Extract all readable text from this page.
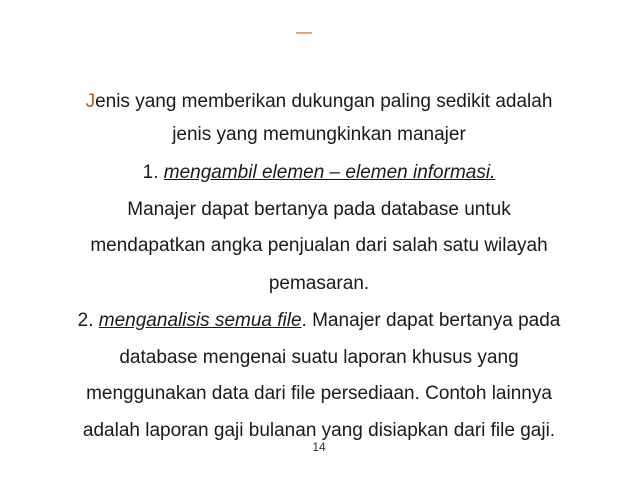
—
Jenis yang memberikan dukungan paling sedikit adalah
jenis yang memungkinkan manajer
1. mengambil elemen – elemen informasi.
Manajer dapat bertanya pada database untuk
mendapatkan angka penjualan dari salah satu wilayah
pemasaran.
2. menganalisis semua file. Manajer dapat bertanya pada
database mengenai suatu laporan khusus yang
menggunakan data dari file persediaan. Contoh lainnya
adalah laporan gaji bulanan yang disiapkan dari file gaji.
14
